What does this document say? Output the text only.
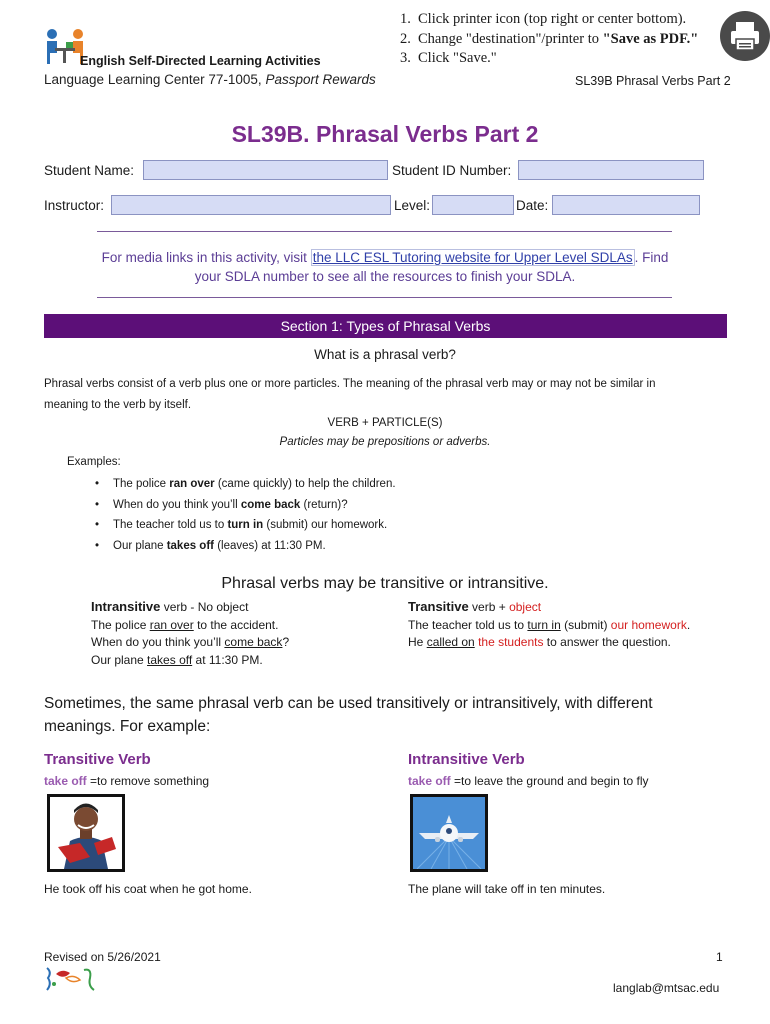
English Self-Directed Learning Activities
Language Learning Center 77-1005, Passport Rewards
1. Click printer icon (top right or center bottom).
2. Change "destination"/printer to "Save as PDF."
3. Click "Save."
SL39B Phrasal Verbs Part 2
SL39B. Phrasal Verbs Part 2
Student Name:	Student ID Number:
Instructor:	Level:	Date:
For media links in this activity, visit the LLC ESL Tutoring website for Upper Level SDLAs . Find
your SDLA number to see all the resources to finish your SDLA.
Section 1: Types of Phrasal Verbs
What is a phrasal verb?
Phrasal verbs consist of a verb plus one or more particles. The meaning of the phrasal verb may or may not be similar in
meaning to the verb by itself.
VERB + PARTICLE(S)
Particles may be prepositions or adverbs.
Examples:
• The police ran over (came quickly) to help the children.
• When do you think you’ll come back (return)?
• The teacher told us to turn in (submit) our homework.
• Our plane takes off (leaves) at 11:30 PM.
Phrasal verbs may be transitive or intransitive.
Intransitive verb - No object
The police ran over to the accident.
When do you think you’ll come back?
Our plane takes off at 11:30 PM.
Transitive verb + object
The teacher told us to turn in (submit) our homework.
He called on the students to answer the question.
Sometimes, the same phrasal verb can be used transitively or intransitively, with different
meanings. For example:
Transitive Verb
take off =to remove something
He took off his coat when he got home.
Intransitive Verb
take off =to leave the ground and begin to fly
The plane will take off in ten minutes.
Revised on 5/26/2021	1
langlab@mtsac.edu
